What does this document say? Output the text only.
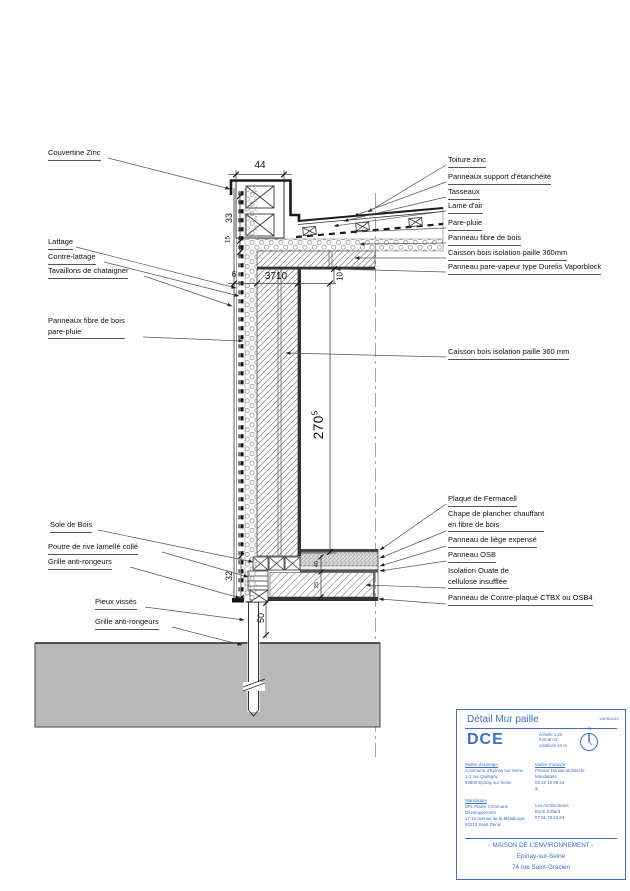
Couvertine Zinc
Lattage
Contre-lattage
Tavaillons de chataigner
Panneaux fibre de bois
pare-pluie
Sole de Bois
Poutre de rive lamellé collé
Grille anti-rongeurs
Pieux vissés
Grille anti-rongeurs
Toiture zinc
Panneaux support d'étanchéité
Tasseaux
Lame d'air
Pare-pluie
Panneau fibre de bois
Caisson bois isolation paille 360mm
Panneau pare-vapeur type Durelis Vaporblock
Caisson bois isolation paille 360 mm
Plaque de Fermacell
Chape de plancher chauffant
en fibre de bois
Panneau de liège expensé
Panneau OSB
Isolation Ouate de
cellulose insufflée
Panneau de Contre-plaqué CTBX ou OSB4
44
33
15
6	3710	10
$270^5$
32
50
40
25
Détail Mur paille	13/09/2022
DCE	échelle 1:20
format A3
cotations en m
N
Maître d'ouvrage
Commune d'Epinay sur Seine
1-3 rue Quétigny
93800 Epinay sur Seine
Maître d'oeuvre
Presick Donias architecte
Mandataire
06 22 15 09 43
&
Mandataire
SPL Plaine Commune
Développement
17 19 avenue de la Métallurgie
93210 Saint Denis
Les Architecteurs
Boris Julliard
07 81 78 63 84
- MAISON DE L'ENVIRONNEMENT -
Epinay-sur-Seine
74 rue Saint-Gracien
